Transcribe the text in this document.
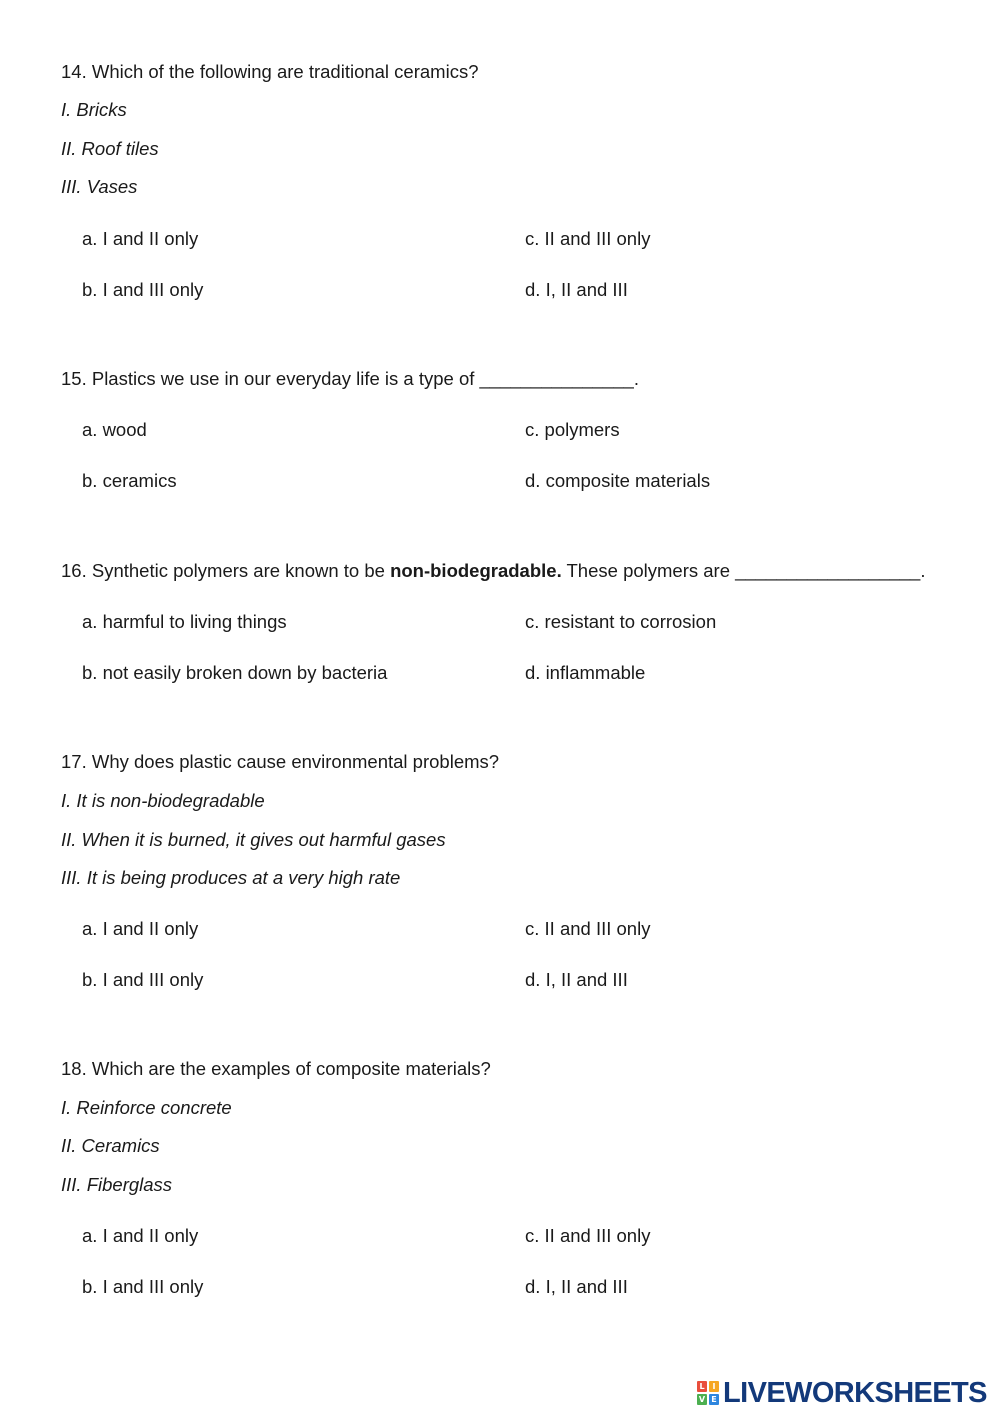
14. Which of the following are traditional ceramics?
I. Bricks
II. Roof tiles
III. Vases
a. I and II only	c. II and III only
b. I and III only	d. I, II and III
15. Plastics we use in our everyday life is a type of _______________.
a. wood	c. polymers
b. ceramics	d. composite materials
16. Synthetic polymers are known to be non-biodegradable. These polymers are __________________.
a. harmful to living things	c. resistant to corrosion
b. not easily broken down by bacteria	d. inflammable
17. Why does plastic cause environmental problems?
I. It is non-biodegradable
II. When it is burned, it gives out harmful gases
III. It is being produces at a very high rate
a. I and II only	c. II and III only
b. I and III only	d. I, II and III
18. Which are the examples of composite materials?
I. Reinforce concrete
II. Ceramics
III. Fiberglass
a. I and II only	c. II and III only
b. I and III only	d. I, II and III
L I
V E LIVEWORKSHEETS
